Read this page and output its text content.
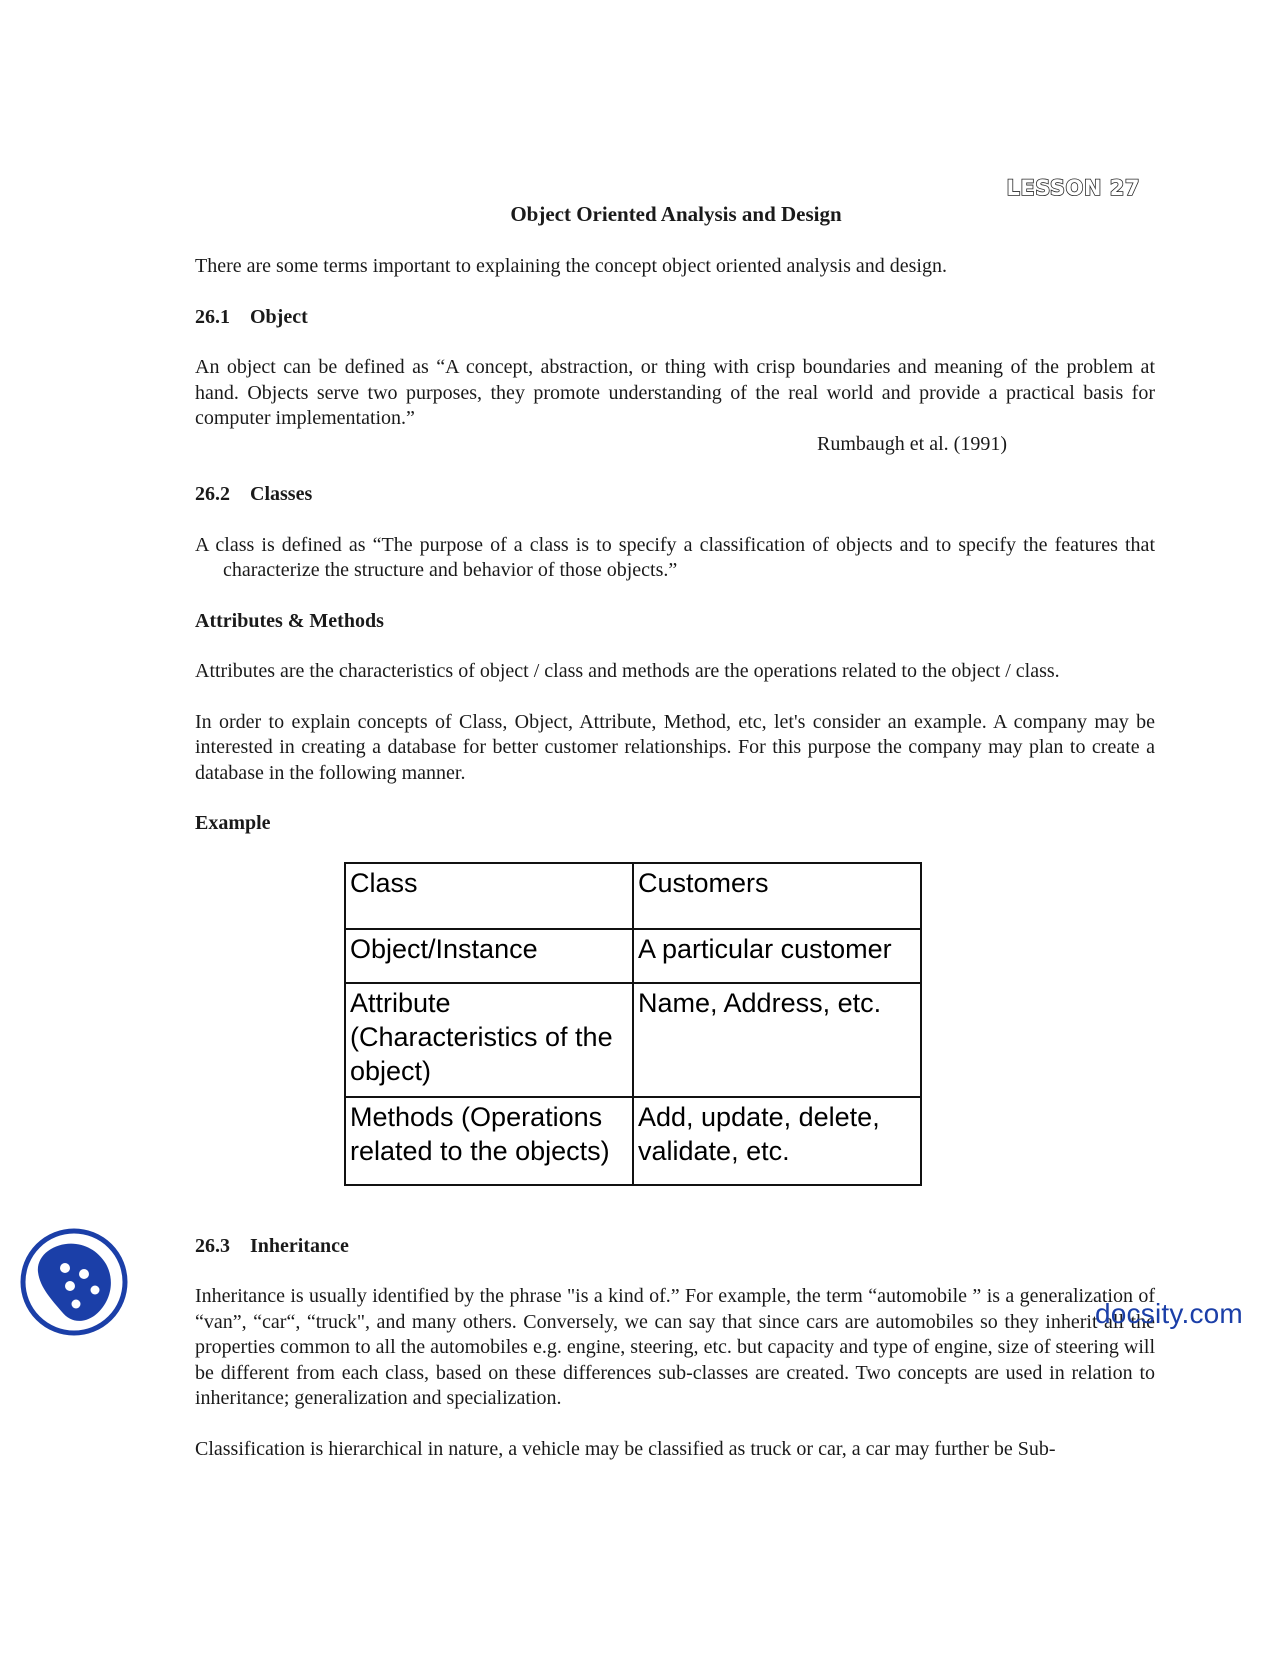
LESSON 27
Object Oriented Analysis and Design

There are some terms important to explaining the concept object oriented analysis and design.

26.1 Object

An object can be defined as “A concept, abstraction, or thing with crisp boundaries and meaning of the problem at hand. Objects serve two purposes, they promote understanding of the real world and provide a practical basis for computer implementation.”

Rumbaugh et al. (1991)
26.2 Classes

A class is defined as “The purpose of a class is to specify a classification of objects and to specify the features that characterize the structure and behavior of those objects.”

Attributes & Methods

Attributes are the characteristics of object / class and methods are the operations related to the object / class.

In order to explain concepts of Class, Object, Attribute, Method, etc, let's consider an example. A company may be interested in creating a database for better customer relationships. For this purpose the company may plan to create a database in the following manner.

Example
Class	Customers
Object/Instance	A particular customer
Attribute (Characteristics of the object)	Name, Address, etc.
Methods (Operations related to the objects)	Add, update, delete, validate, etc.
26.3 Inheritance

Inheritance is usually identified by the phrase "is a kind of.” For example, the term “automobile ” is a generalization of “van”, “car“, “truck", and many others. Conversely, we can say that since cars are automobiles so they inherit all the properties common to all the automobiles e.g. engine, steering, etc. but capacity and type of engine, size of steering will be different from each class, based on these differences sub-classes are created. Two concepts are used in relation to inheritance; generalization and specialization.

Classification is hierarchical in nature, a vehicle may be classified as truck or car, a car may further be Sub-

docsity.com
